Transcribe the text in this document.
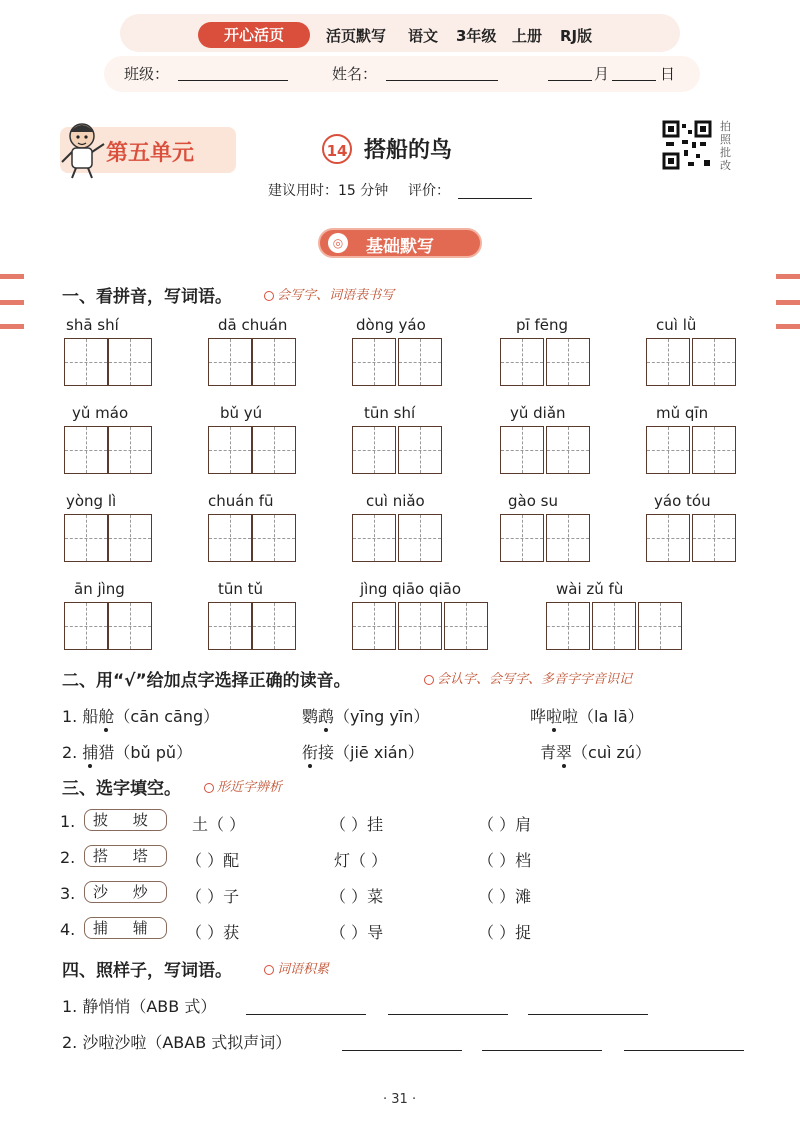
开心活页	活页默写 语文 3年级 上册 RJ版
班级：	姓名：	月	日
第五单元	14 搭船的鸟
拍照批改
建议用时：15 分钟 评价：
◎ 基础默写
一、看拼音，写词语。	会写字、词语表书写
shā shí	dā chuán	dòng yáo	pī fēng	cuì lǜ
yǔ máo	bǔ yú	tūn shí	yǔ diǎn	mǔ qīn
yòng lì	chuán fū	cuì niǎo	gào su	yáo tóu
ān jìng	tūn tǔ	jìng qiāo qiāo	wài zǔ fù
二、用“√”给加点字选择正确的读音。	会认字、会写字、多音字字音识记
1. 船舱（cān cāng）	鹦鹉（yīng yīn）	哗啦啦（la lā）
2. 捕猎（bǔ pǔ）	衔接（jiē xián）	青翠（cuì zú）
三、选字填空。	形近字辨析
1.	披 坡	土（ ）	（ ）挂	（ ）肩
2.	搭 塔	（ ）配	灯（ ）	（ ）档
3.	沙 炒	（ ）子	（ ）菜	（ ）滩
4.	捕 辅	（ ）获	（ ）导	（ ）捉
四、照样子，写词语。	词语积累
1. 静悄悄（ABB 式）
2. 沙啦沙啦（ABAB 式拟声词）
· 31 ·
